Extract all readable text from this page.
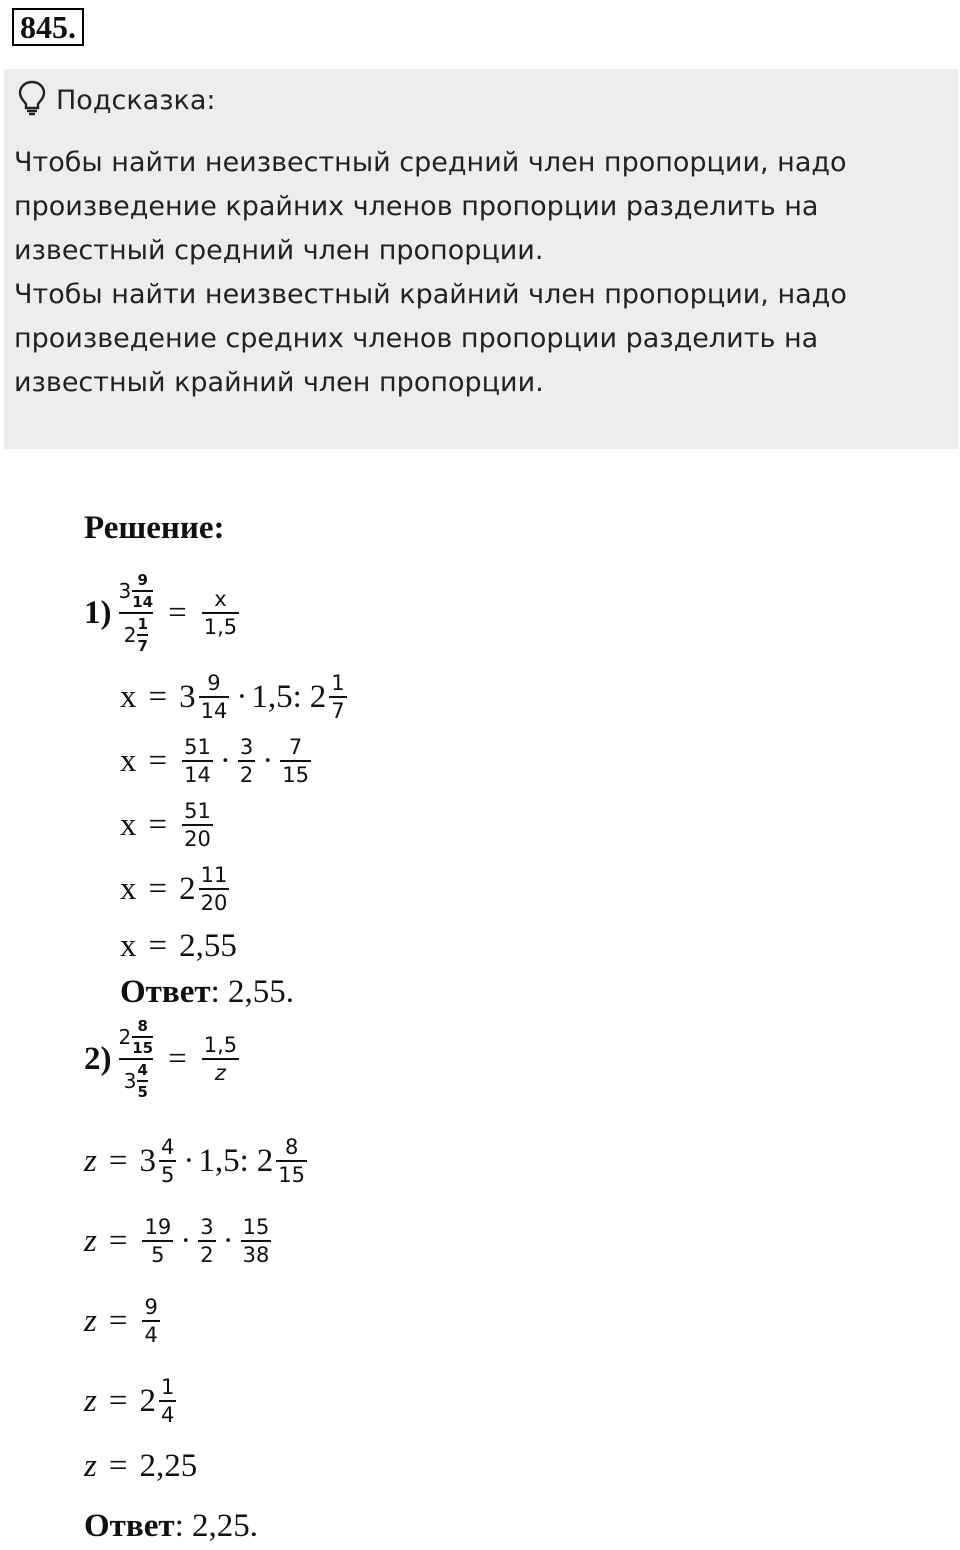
845.
Подсказка:
Чтобы найти неизвестный средний член пропорции, надо
произведение крайних членов пропорции разделить на
известный средний член пропорции.
Чтобы найти неизвестный крайний член пропорции, надо
произведение средних членов пропорции разделить на
известный крайний член пропорции.
Решение:
1)
3 9
14
2 1
7
= $\frac{x}{1,5}$
$x = 3 \frac{9}{14} \cdot 1,5$: $2 \frac{1}{7}$
$x = \frac{51}{14} \cdot \frac{3}{2} \cdot \frac{7}{15}$
$x = \frac{51}{20}$
$x = 2 \frac{11}{20}$
x = 2,55
Ответ : 2,55.
2)
2 8
15
3 4
5
= $\frac{1,5}{z}$
$z = 3 \frac{4}{5} \cdot 1,5$: $2 \frac{8}{15}$
$z = \frac{19}{5} \cdot \frac{3}{2} \cdot \frac{15}{38}$
$z = \frac{9}{4}$
$z = 2 \frac{1}{4}$
z = 2,25
Ответ : 2,25.
